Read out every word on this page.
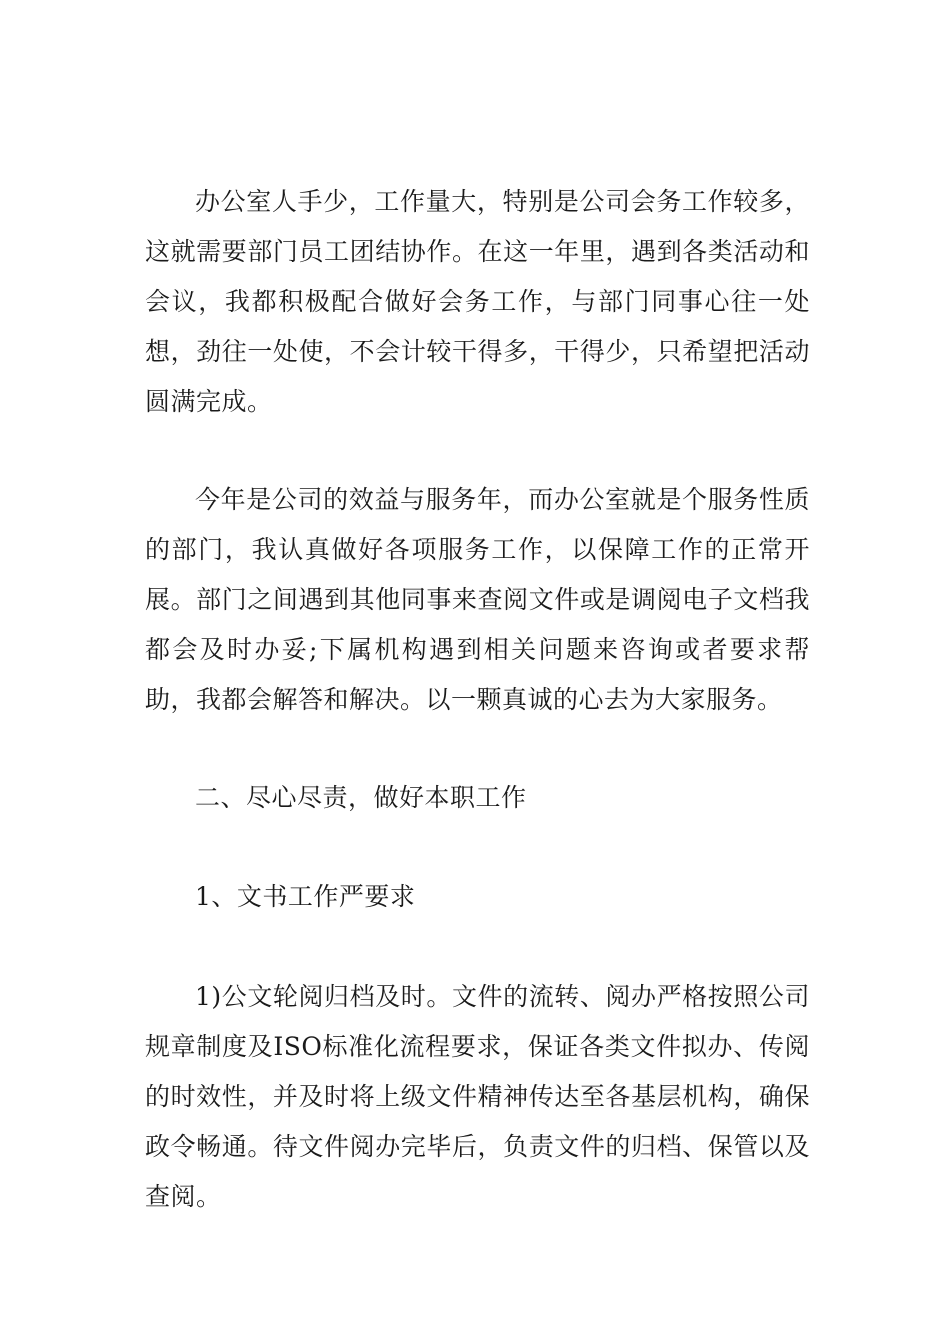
办公室人手少，工作量大，特别是公司会务工作较多，这就需要部门员工团结协作。在这一年里，遇到各类活动和会议，我都积极配合做好会务工作，与部门同事心往一处想，劲往一处使，不会计较干得多，干得少，只希望把活动圆满完成。

今年是公司的效益与服务年，而办公室就是个服务性质的部门，我认真做好各项服务工作，以保障工作的正常开展。部门之间遇到其他同事来查阅文件或是调阅电子文档我都会及时办妥;下属机构遇到相关问题来咨询或者要求帮助，我都会解答和解决。以一颗真诚的心去为大家服务。

二、尽心尽责，做好本职工作

1、文书工作严要求

1)公文轮阅归档及时。文件的流转、阅办严格按照公司规章制度及ISO标准化流程要求，保证各类文件拟办、传阅的时效性，并及时将上级文件精神传达至各基层机构，确保政令畅通。待文件阅办完毕后，负责文件的归档、保管以及查阅。
